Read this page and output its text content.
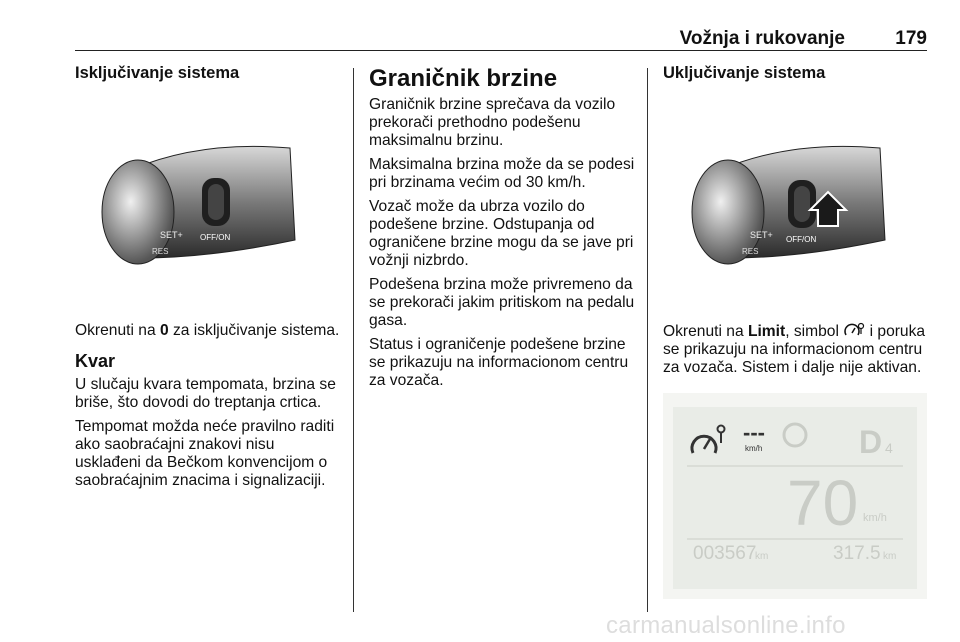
Vožnja i rukovanje	179
Isključivanje sistema
SET+
RES
OFF/ON

Okrenuti na 0 za isključivanje sistema.

Kvar

U slučaju kvara tempomata, brzina se briše, što dovodi do treptanja crtica.

Tempomat možda neće pravilno raditi ako saobraćajni znakovi nisu usklađeni da Bečkom konvencijom o saobraćajnim znacima i signalizaciji.

Graničnik brzine

Graničnik brzine sprečava da vozilo prekorači prethodno podešenu maksimalnu brzinu.

Maksimalna brzina može da se podesi pri brzinama većim od 30 km/h.

Vozač može da ubrza vozilo do podešene brzine. Odstupanja od ograničene brzine mogu da se jave pri vožnji nizbrdo.

Podešena brzina može privremeno da se prekorači jakim pritiskom na pedalu gasa.

Status i ograničenje podešene brzine se prikazuju na informacionom centru za vozača.

Uključivanje sistema
SET+
RES
OFF/ON

Okrenuti na Limit, simbol  i poruka se prikazuju na informacionom centru za vozača. Sistem i dalje nije aktivan.

---
km/h	D 4
70 km/h
003567
km	317.5 km
carmanualsonline.info
